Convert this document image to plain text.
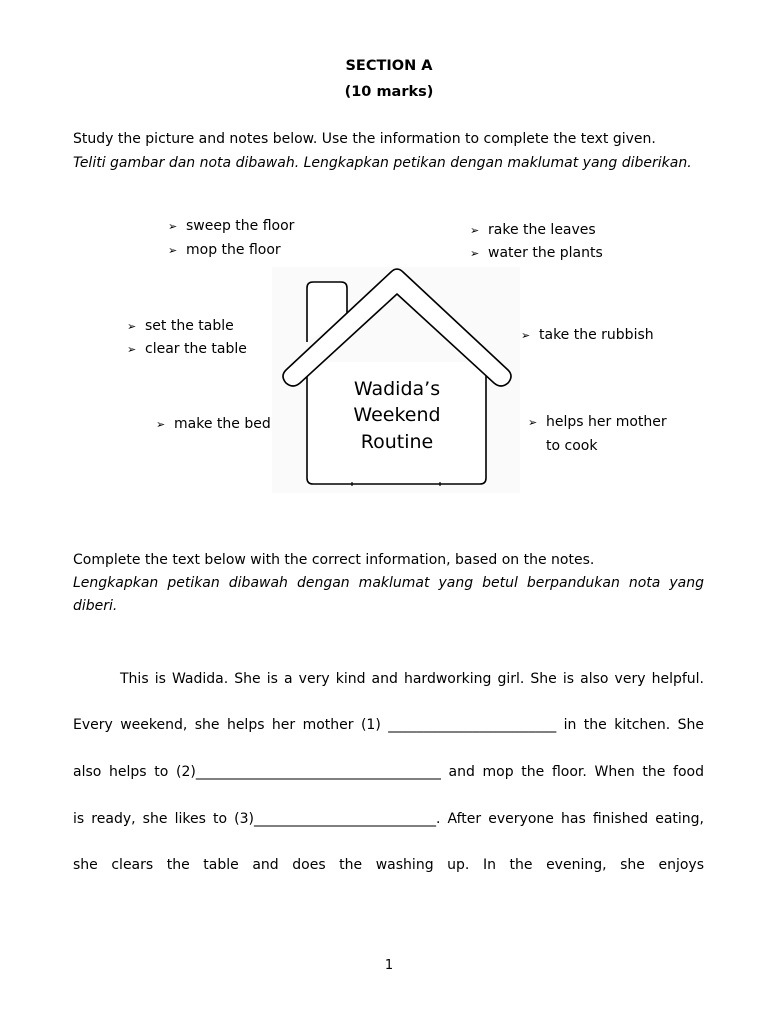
SECTION A
(10 marks)
Study the picture and notes below. Use the information to complete the text given.
Teliti gambar dan nota dibawah. Lengkapkan petikan dengan maklumat yang diberikan.
Wadida’s
Weekend
Routine
➢ sweep the floor
➢ mop the floor
➢ rake the leaves
➢ water the plants
➢ set the table
➢ clear the table
➢ take the rubbish
➢ make the bed	➢ helps her mother
to cook
Complete the text below with the correct information, based on the notes.
Lengkapkan petikan dibawah dengan maklumat yang betul berpandukan nota yang
diberi.
This is Wadida. She is a very kind and hardworking girl. She is also very helpful.
Every weekend, she helps her mother (1) ________________________ in the kitchen. She
also helps to (2)___________________________________ and mop the floor. When the food
is ready, she likes to (3)__________________________. After everyone has finished eating,
she clears the table and does the washing up. In the evening, she enjoys
1
